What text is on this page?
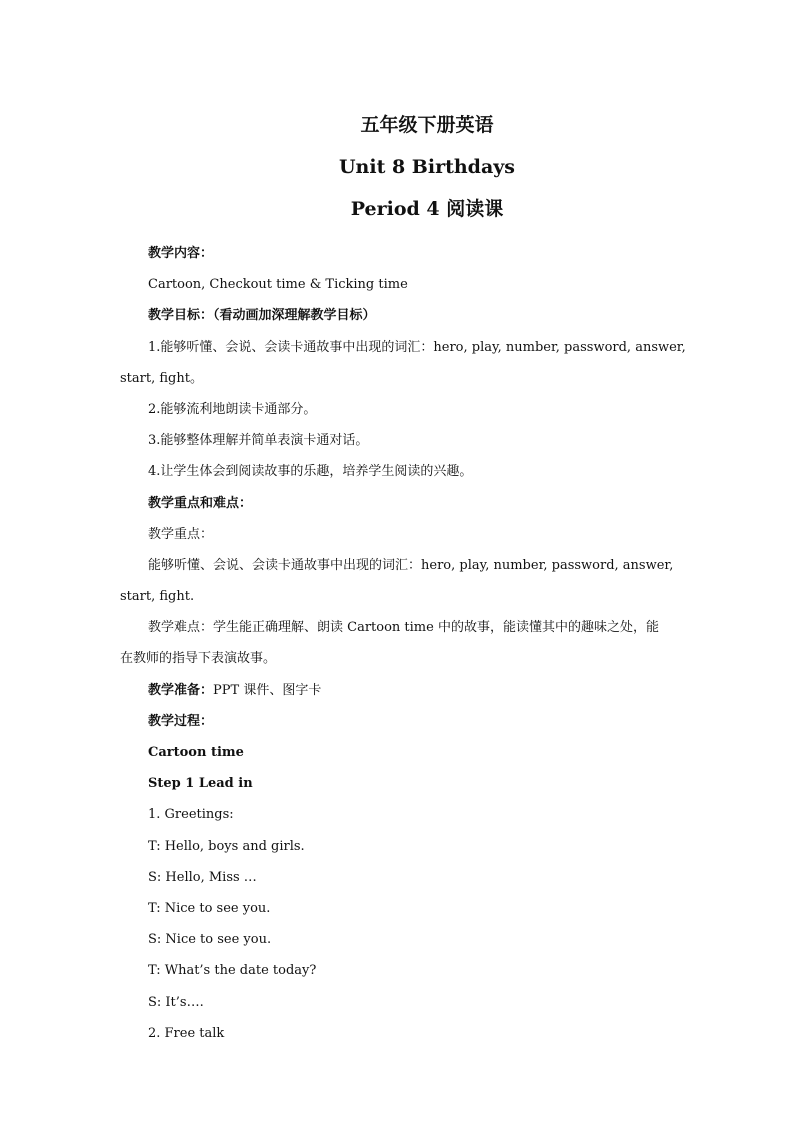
五年级下册英语
Unit 8 Birthdays
Period 4 阅读课
教学内容：
Cartoon, Checkout time & Ticking time
教学目标：（看动画加深理解教学目标）
1.能够听懂、会说、会读卡通故事中出现的词汇：hero, play, number, password, answer,
start, fight。
2.能够流利地朗读卡通部分。
3.能够整体理解并简单表演卡通对话。
4.让学生体会到阅读故事的乐趣，培养学生阅读的兴趣。
教学重点和难点：
教学重点：
能够听懂、会说、会读卡通故事中出现的词汇：hero, play, number, password, answer,
start, fight.
教学难点：学生能正确理解、朗读 Cartoon time 中的故事，能读懂其中的趣味之处，能
在教师的指导下表演故事。
教学准备：PPT 课件、图字卡
教学过程：
Cartoon time
Step 1 Lead in
1. Greetings:
T: Hello, boys and girls.
S: Hello, Miss …
T: Nice to see you.
S: Nice to see you.
T: What’s the date today?
S: It’s….
2. Free talk
